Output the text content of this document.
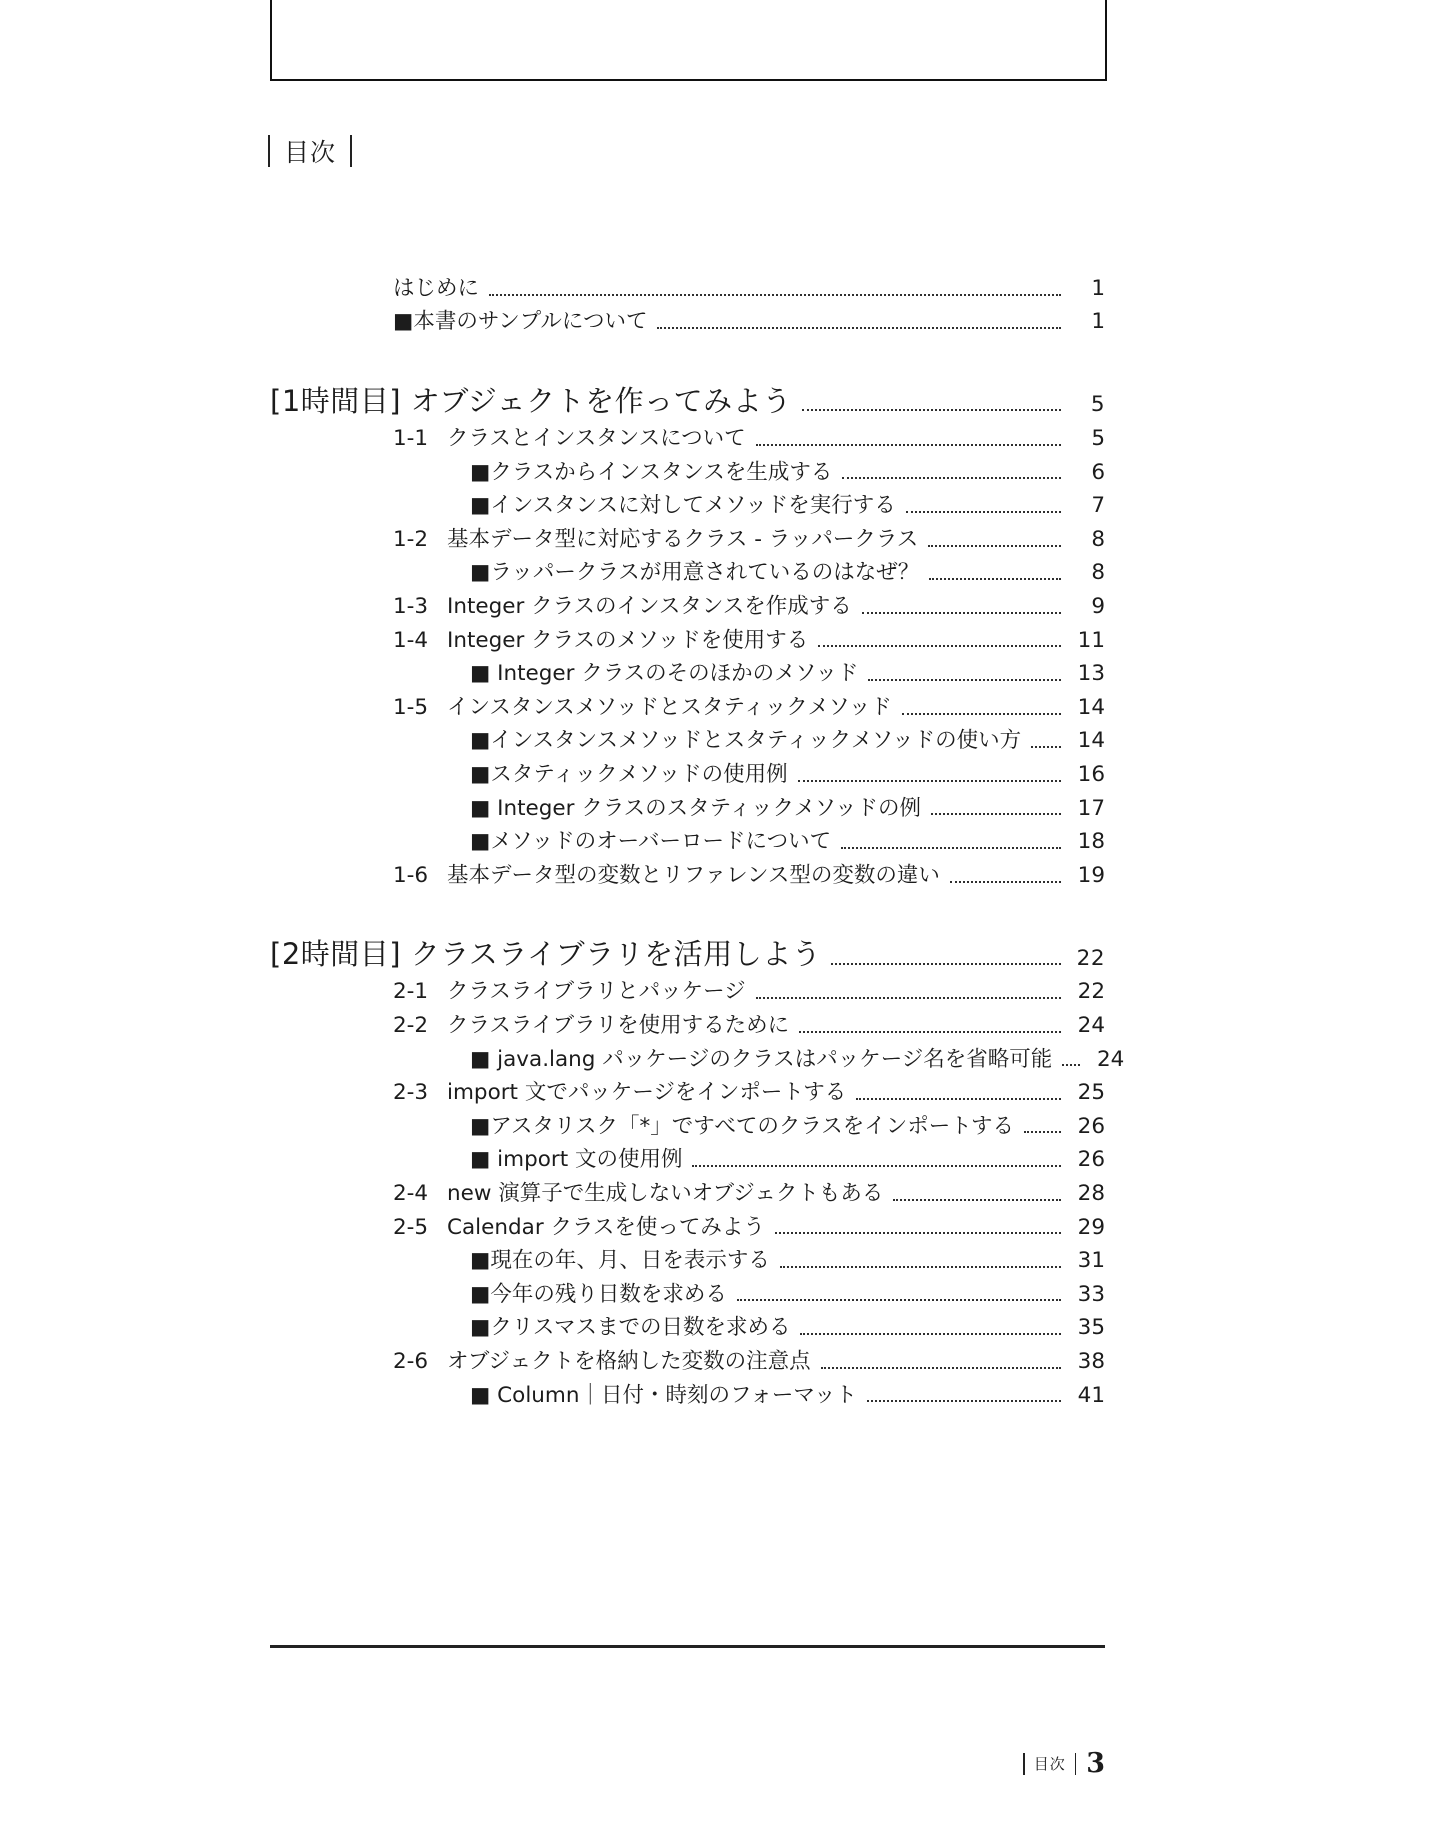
目次
はじめに	1
■本書のサンプルについて	1
[1時間目] オブジェクトを作ってみよう	5
1-1 クラスとインスタンスについて	5
■クラスからインスタンスを生成する	6
■インスタンスに対してメソッドを実行する	7
1-2 基本データ型に対応するクラス - ラッパークラス	8
■ラッパークラスが用意されているのはなぜ？	8
1-3 Integer クラスのインスタンスを作成する	9
1-4 Integer クラスのメソッドを使用する	11
■ Integer クラスのそのほかのメソッド	13
1-5 インスタンスメソッドとスタティックメソッド	14
■インスタンスメソッドとスタティックメソッドの使い方	14
■スタティックメソッドの使用例	16
■ Integer クラスのスタティックメソッドの例	17
■メソッドのオーバーロードについて	18
1-6 基本データ型の変数とリファレンス型の変数の違い	19
[2時間目] クラスライブラリを活用しよう	22
2-1 クラスライブラリとパッケージ	22
2-2 クラスライブラリを使用するために	24
■ java.lang パッケージのクラスはパッケージ名を省略可能	24
2-3 import 文でパッケージをインポートする	25
■アスタリスク「*」ですべてのクラスをインポートする	26
■ import 文の使用例	26
2-4 new 演算子で生成しないオブジェクトもある	28
2-5 Calendar クラスを使ってみよう	29
■現在の年、月、日を表示する	31
■今年の残り日数を求める	33
■クリスマスまでの日数を求める	35
2-6 オブジェクトを格納した変数の注意点	38
■ Column｜日付・時刻のフォーマット	41
目次 3
